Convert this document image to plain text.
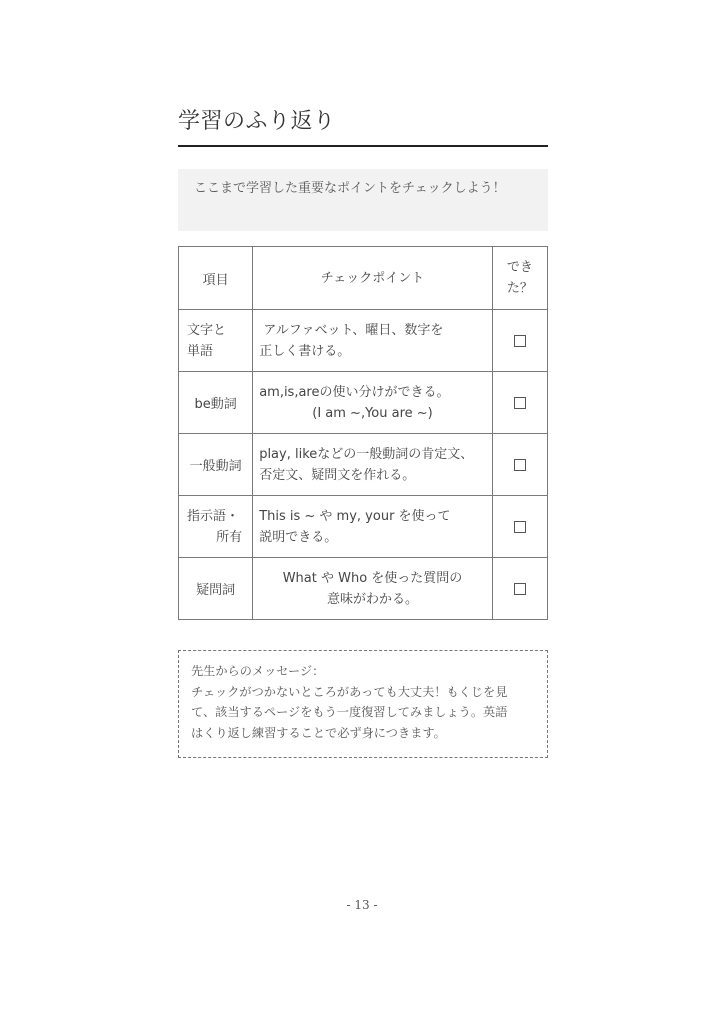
学習のふり返り
ここまで学習した重要なポイントをチェックしよう！
項目	チェックポイント	でき
た？
文字と
単語	アルファベット、曜日、数字を
正しく書ける。	
be動詞	am,is,areの使い分けができる。

(I am ~,You are ~)	

一般動詞	play, likeなどの一般動詞の肯定文、
否定文、疑問文を作れる。	

指示語・
所有	This is ~ や my, your を使って
説明できる。	
疑問詞	What や Who を使った質問の
意味がわかる。	
先生からのメッセージ：
チェックがつかないところがあっても大丈夫！もくじを見
て、該当するページをもう一度復習してみましょう。英語
はくり返し練習することで必ず身につきます。
- 13 -
